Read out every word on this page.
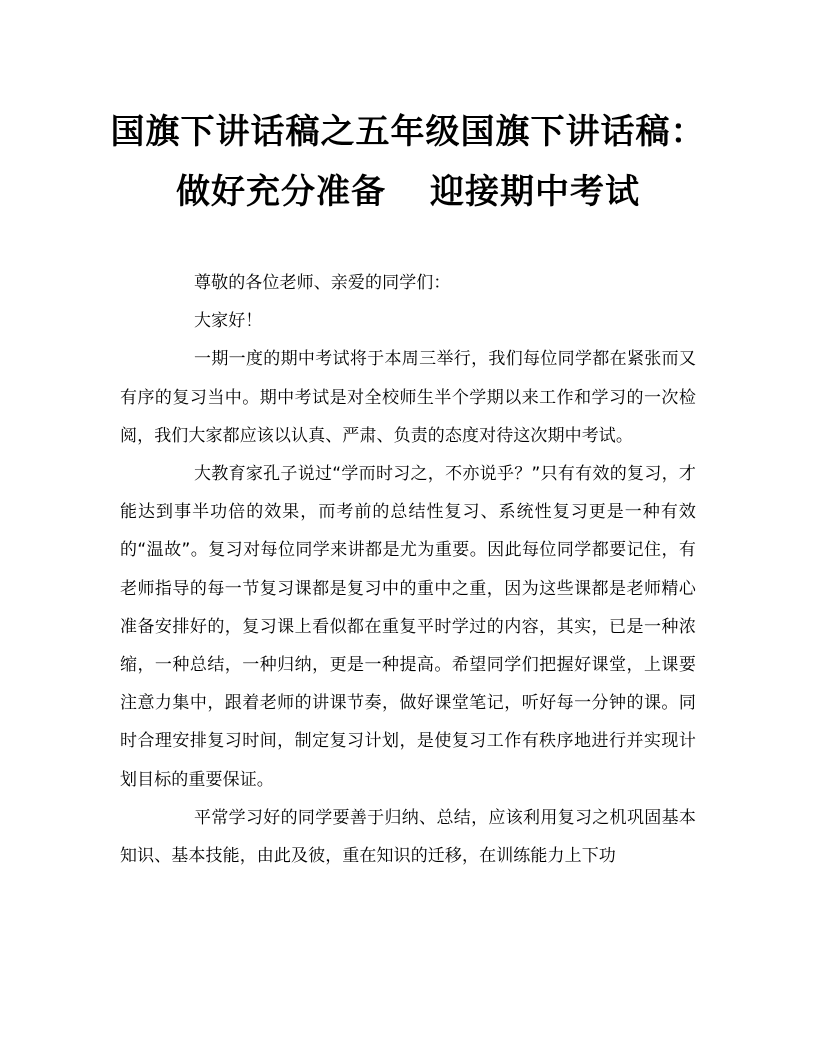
国旗下讲话稿之五年级国旗下讲话稿：
做好充分准备 迎接期中考试

尊敬的各位老师、亲爱的同学们：

大家好！

一期一度的期中考试将于本周三举行，我们每位同学都在紧张而又有序的复习当中。期中考试是对全校师生半个学期以来工作和学习的一次检阅，我们大家都应该以认真、严肃、负责的态度对待这次期中考试。

大教育家孔子说过“学而时习之，不亦说乎？”只有有效的复习，才能达到事半功倍的效果，而考前的总结性复习、系统性复习更是一种有效的“温故”。复习对每位同学来讲都是尤为重要。因此每位同学都要记住，有老师指导的每一节复习课都是复习中的重中之重，因为这些课都是老师精心准备安排好的，复习课上看似都在重复平时学过的内容，其实，已是一种浓缩，一种总结，一种归纳，更是一种提高。希望同学们把握好课堂，上课要注意力集中，跟着老师的讲课节奏，做好课堂笔记，听好每一分钟的课。同时合理安排复习时间，制定复习计划，是使复习工作有秩序地进行并实现计划目标的重要保证。

平常学习好的同学要善于归纳、总结，应该利用复习之机巩固基本知识、基本技能，由此及彼，重在知识的迁移，在训练能力上下功
